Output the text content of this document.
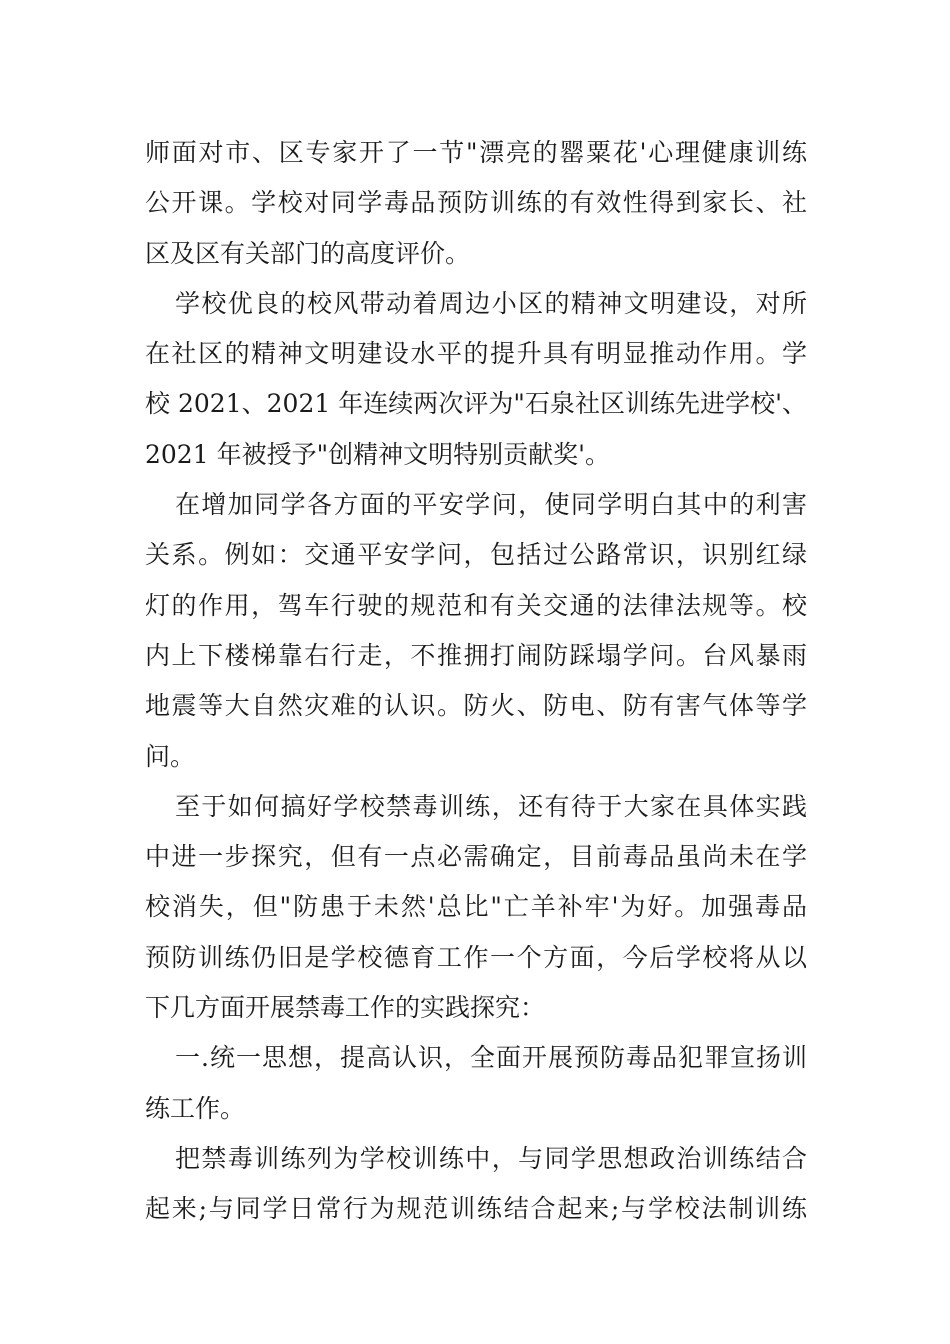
师面对市、区专家开了一节"漂亮的罂粟花'心理健康训练
公开课。学校对同学毒品预防训练的有效性得到家长、社
区及区有关部门的高度评价。
学校优良的校风带动着周边小区的精神文明建设，对所
在社区的精神文明建设水平的提升具有明显推动作用。学
校 2021、2021 年连续两次评为"石泉社区训练先进学校'、
2021 年被授予"创精神文明特别贡献奖'。
在增加同学各方面的平安学问，使同学明白其中的利害
关系。例如：交通平安学问，包括过公路常识，识别红绿
灯的作用，驾车行驶的规范和有关交通的法律法规等。校
内上下楼梯靠右行走，不推拥打闹防踩塌学问。台风暴雨
地震等大自然灾难的认识。防火、防电、防有害气体等学
问。
至于如何搞好学校禁毒训练，还有待于大家在具体实践
中进一步探究，但有一点必需确定，目前毒品虽尚未在学
校消失，但"防患于未然'总比"亡羊补牢'为好。加强毒品
预防训练仍旧是学校德育工作一个方面，今后学校将从以
下几方面开展禁毒工作的实践探究：
一.统一思想，提高认识，全面开展预防毒品犯罪宣扬训
练工作。
把禁毒训练列为学校训练中，与同学思想政治训练结合
起来;与同学日常行为规范训练结合起来;与学校法制训练
